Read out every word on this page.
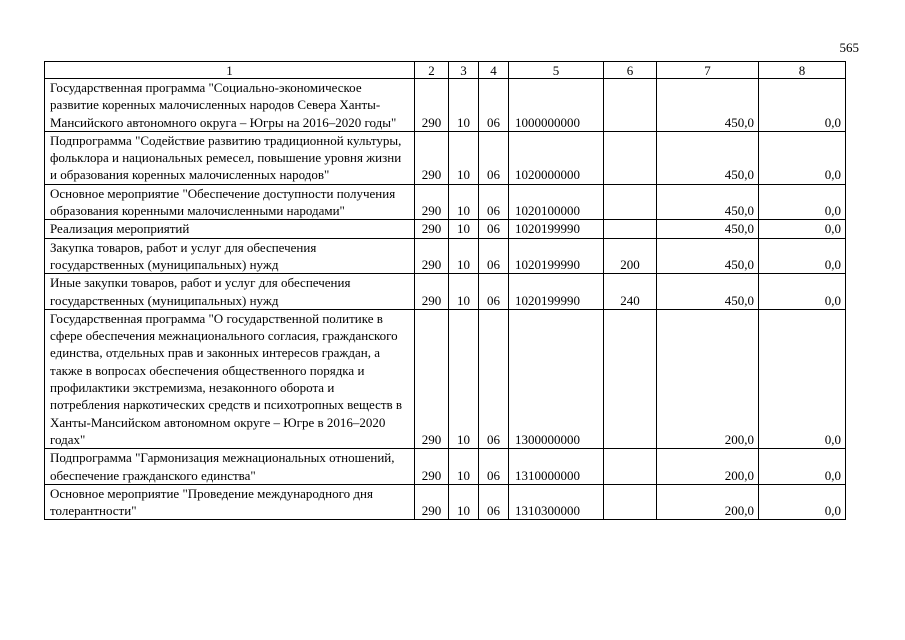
565
1	2	3	4	5	6	7	8
Государственная программа "Социально-экономическое развитие коренных малочисленных народов Севера Ханты-Мансийского автономного округа – Югры на 2016–2020 годы"	290	10	06	1000000000		450,0	0,0
Подпрограмма "Содействие развитию традиционной культуры, фольклора и национальных ремесел, повышение уровня жизни и образования коренных малочисленных народов"	290	10	06	1020000000		450,0	0,0
Основное мероприятие "Обеспечение доступности получения образования коренными малочисленными народами"	290	10	06	1020100000		450,0	0,0
Реализация мероприятий	290	10	06	1020199990		450,0	0,0
Закупка товаров, работ и услуг для обеспечения государственных (муниципальных) нужд	290	10	06	1020199990	200	450,0	0,0
Иные закупки товаров, работ и услуг для обеспечения государственных (муниципальных) нужд	290	10	06	1020199990	240	450,0	0,0
Государственная программа "О государственной политике в сфере обеспечения межнационального согласия, гражданского единства, отдельных прав и законных интересов граждан, а также в вопросах обеспечения общественного порядка и профилактики экстремизма, незаконного оборота и потребления наркотических средств и психотропных веществ в Ханты-Мансийском автономном округе – Югре в 2016–2020 годах"	290	10	06	1300000000		200,0	0,0
Подпрограмма "Гармонизация межнациональных отношений, обеспечение гражданского единства"	290	10	06	1310000000		200,0	0,0
Основное мероприятие "Проведение международного дня толерантности"	290	10	06	1310300000		200,0	0,0
